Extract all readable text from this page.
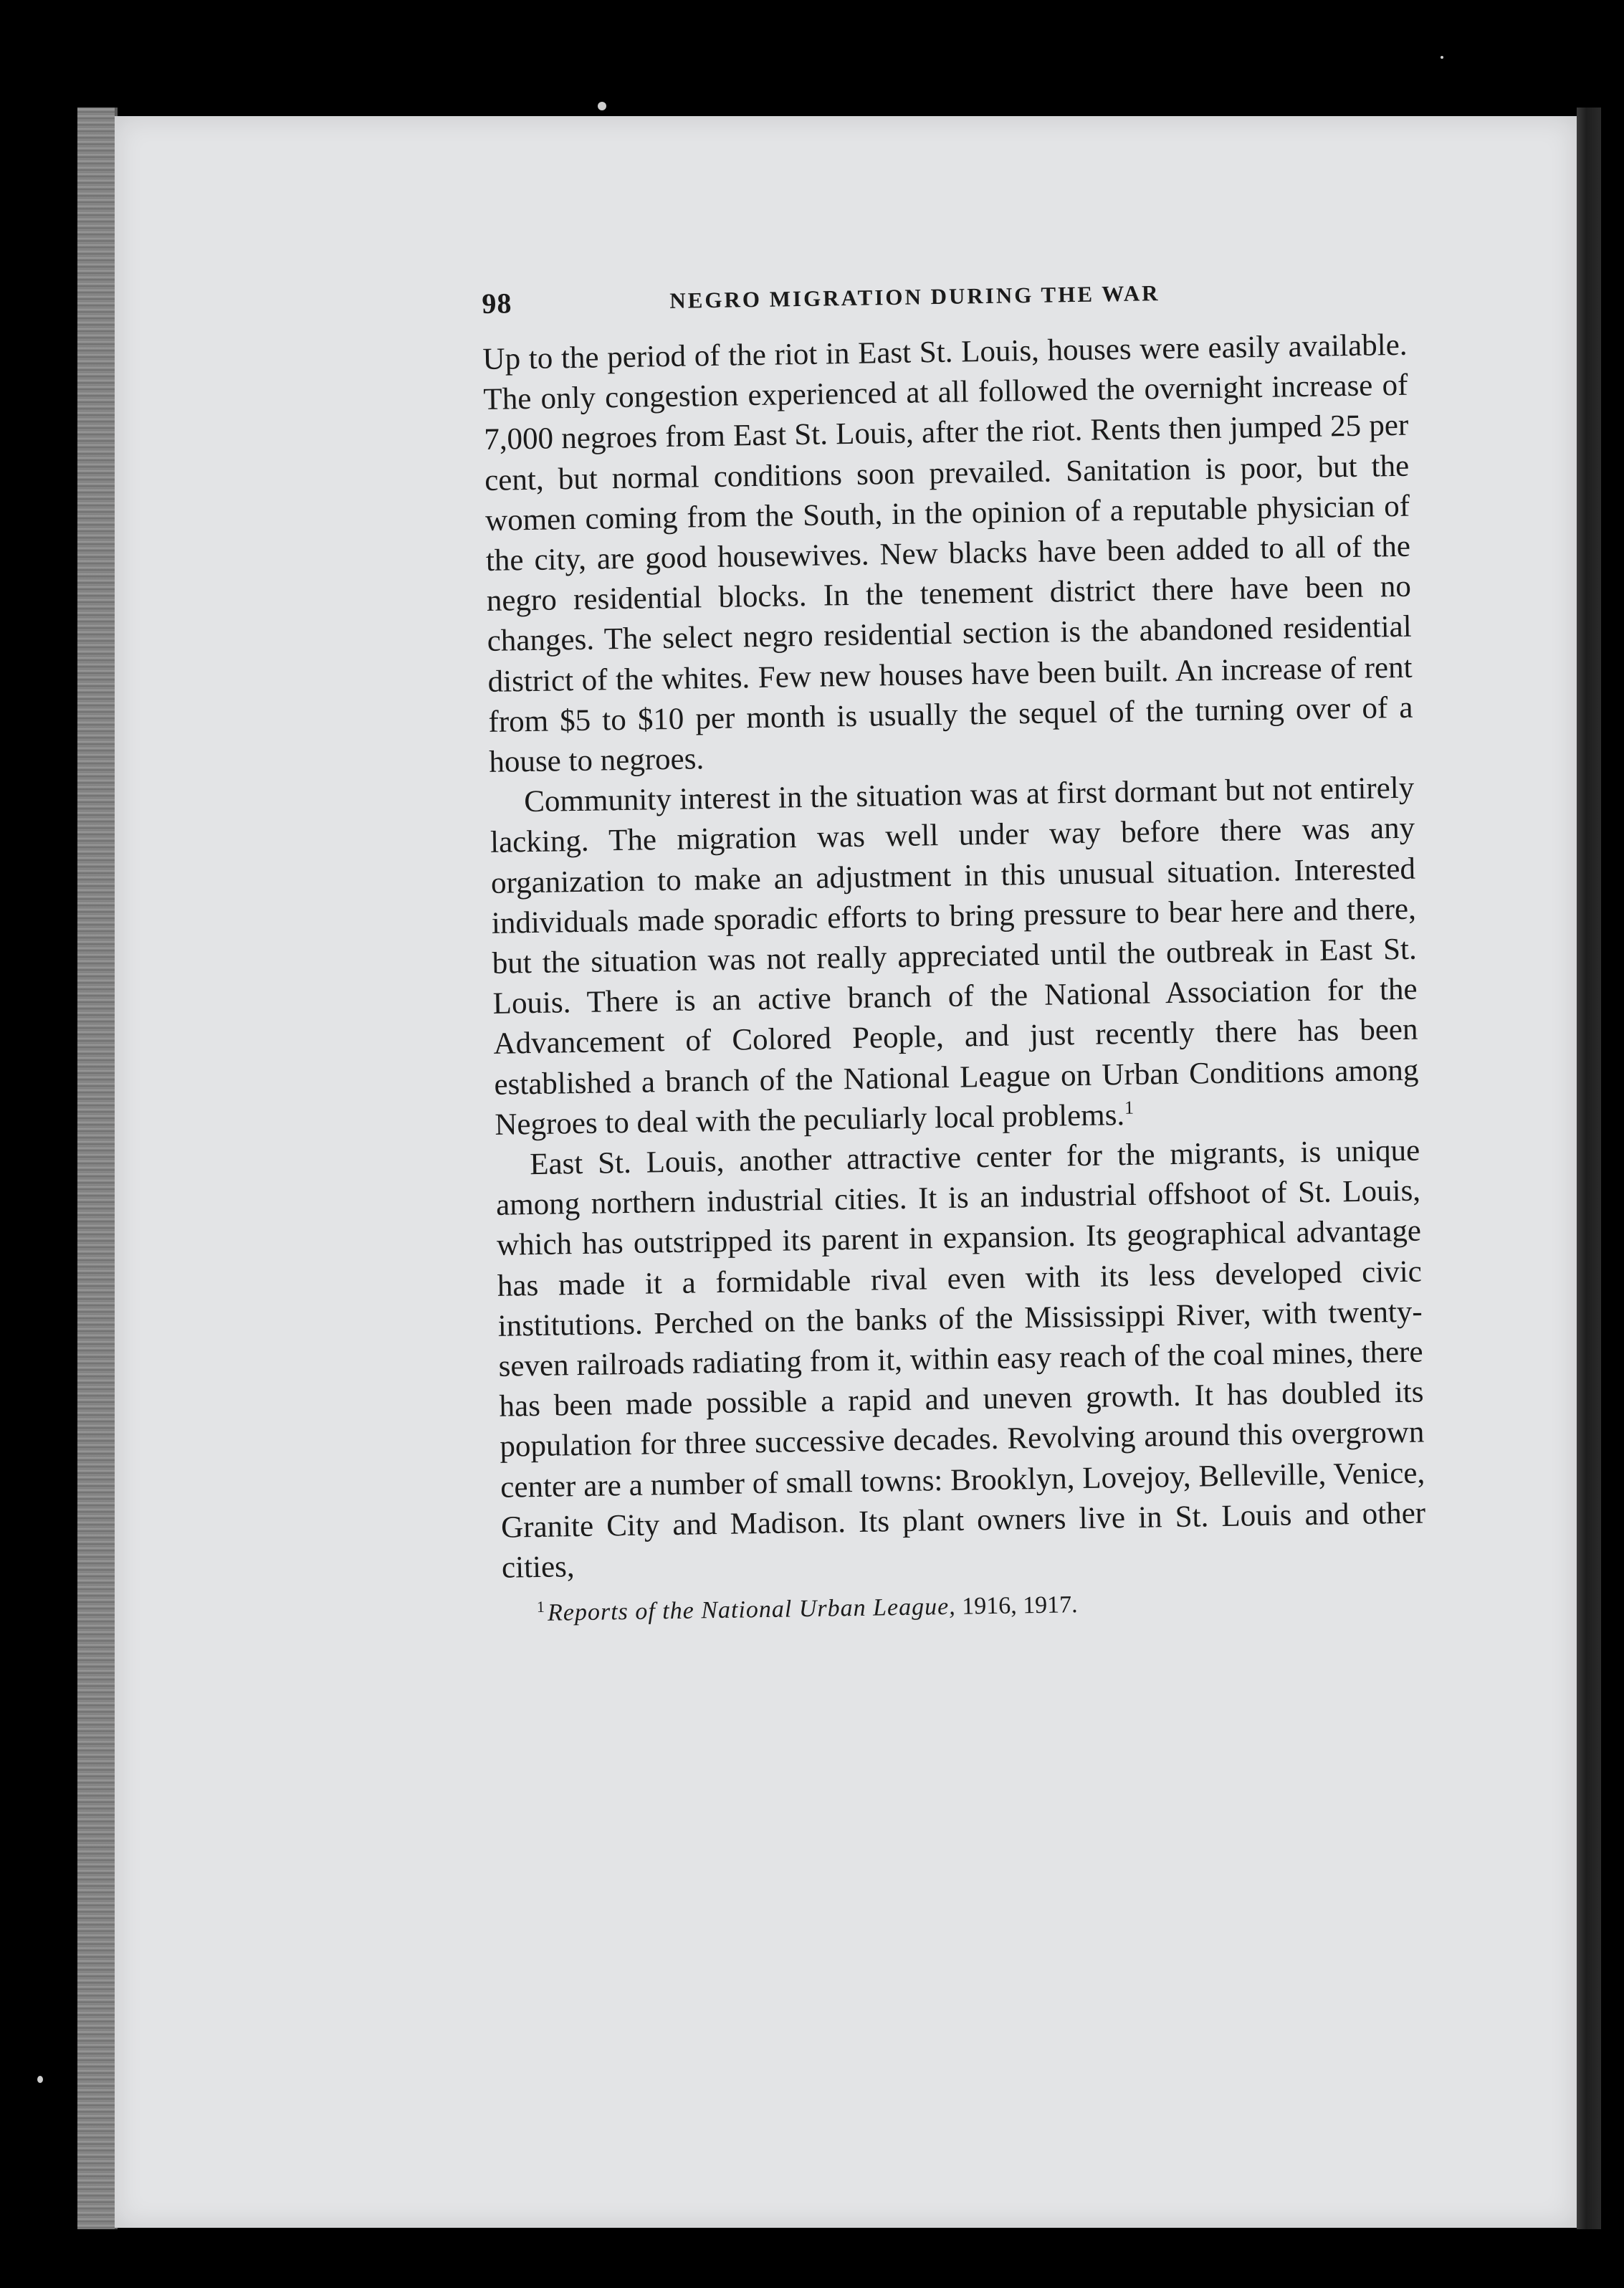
98	NEGRO MIGRATION DURING THE WAR

Up to the period of the riot in East St. Louis, houses were easily available. The only congestion experienced at all followed the overnight increase of 7,000 negroes from East St. Louis, after the riot. Rents then jumped 25 per cent, but normal conditions soon prevailed. Sanitation is poor, but the women coming from the South, in the opinion of a reputable physician of the city, are good housewives. New blacks have been added to all of the negro residential blocks. In the tenement district there have been no changes. The select negro residential section is the abandoned residential district of the whites. Few new houses have been built. An increase of rent from $5 to $10 per month is usually the sequel of the turning over of a house to negroes.

Community interest in the situation was at first dormant but not entirely lacking. The migration was well under way before there was any organization to make an adjustment in this unusual situation. Interested individuals made sporadic efforts to bring pressure to bear here and there, but the situation was not really appreciated until the outbreak in East St. Louis. There is an active branch of the National Association for the Advancement of Colored People, and just recently there has been established a branch of the National League on Urban Conditions among Negroes to deal with the peculiarly local problems.$^1$

East St. Louis, another attractive center for the migrants, is unique among northern industrial cities. It is an industrial offshoot of St. Louis, which has outstripped its parent in expansion. Its geographical advantage has made it a formidable rival even with its less developed civic institutions. Perched on the banks of the Mississippi River, with twenty-seven railroads radiating from it, within easy reach of the coal mines, there has been made possible a rapid and uneven growth. It has doubled its population for three successive decades. Revolving around this overgrown center are a number of small towns: Brooklyn, Lovejoy, Belleville, Venice, Granite City and Madison. Its plant owners live in St. Louis and other cities,

$^1$ Reports of the National Urban League, 1916, 1917.
